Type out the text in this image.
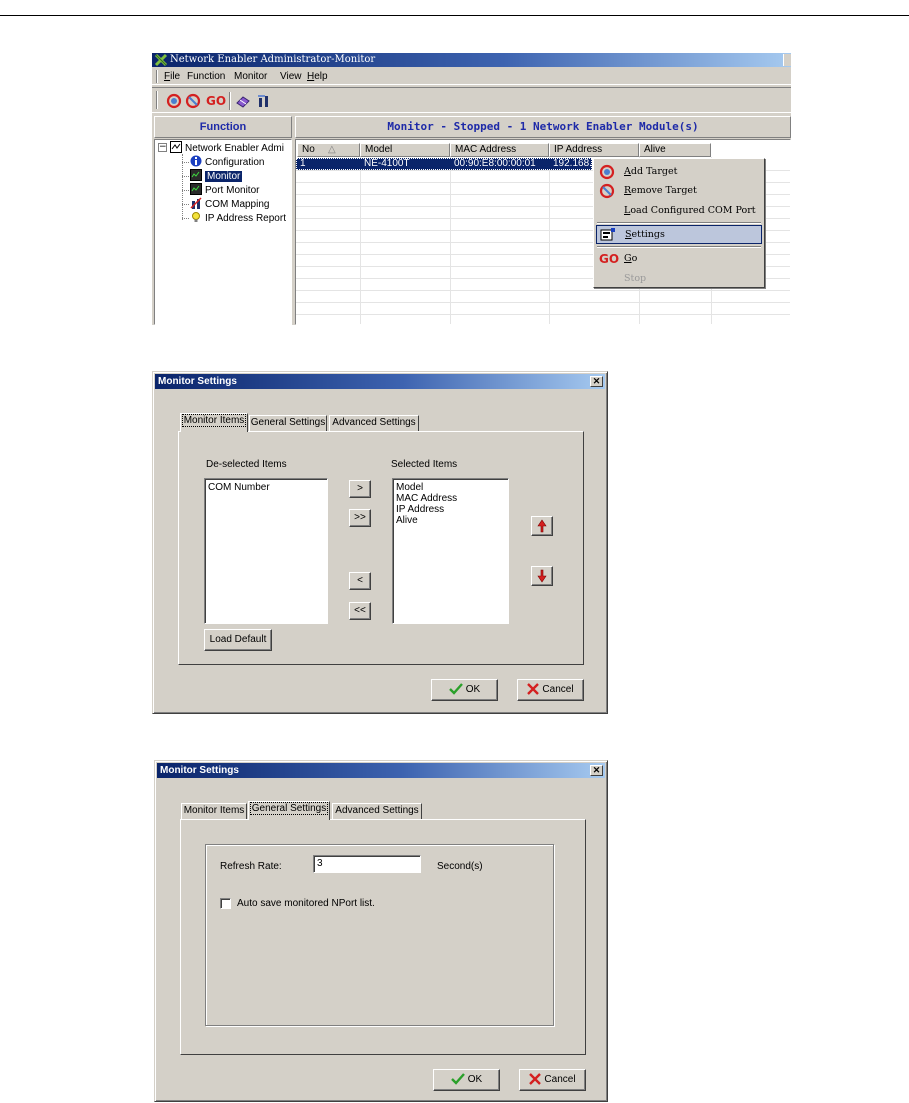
Network Enabler Administrator-Monitor
File Function Monitor View Help
GO
Function	Monitor - Stopped - 1 Network Enabler Module(s)
−	Network Enabler Admi
Configuration
Monitor
Port Monitor
COM Mapping
IP Address Report
No △	Model	MAC Address	IP Address	Alive
1	NE-4100T	00:90:E8:00:00:01 192.168.
Add Target
Remove Target
Load Configured COM Port
Settings
GO Go
Stop
Monitor Settings	✕
Monitor Items General Settings Advanced Settings
De-selected Items	Selected Items
COM Number	>
>>
<
<<
Model
MAC Address
IP Address
Alive
Load Default
OK	Cancel
Monitor Settings	✕
Monitor Items General Settings Advanced Settings
Refresh Rate:	3	Second(s)
Auto save monitored NPort list.
OK	Cancel
